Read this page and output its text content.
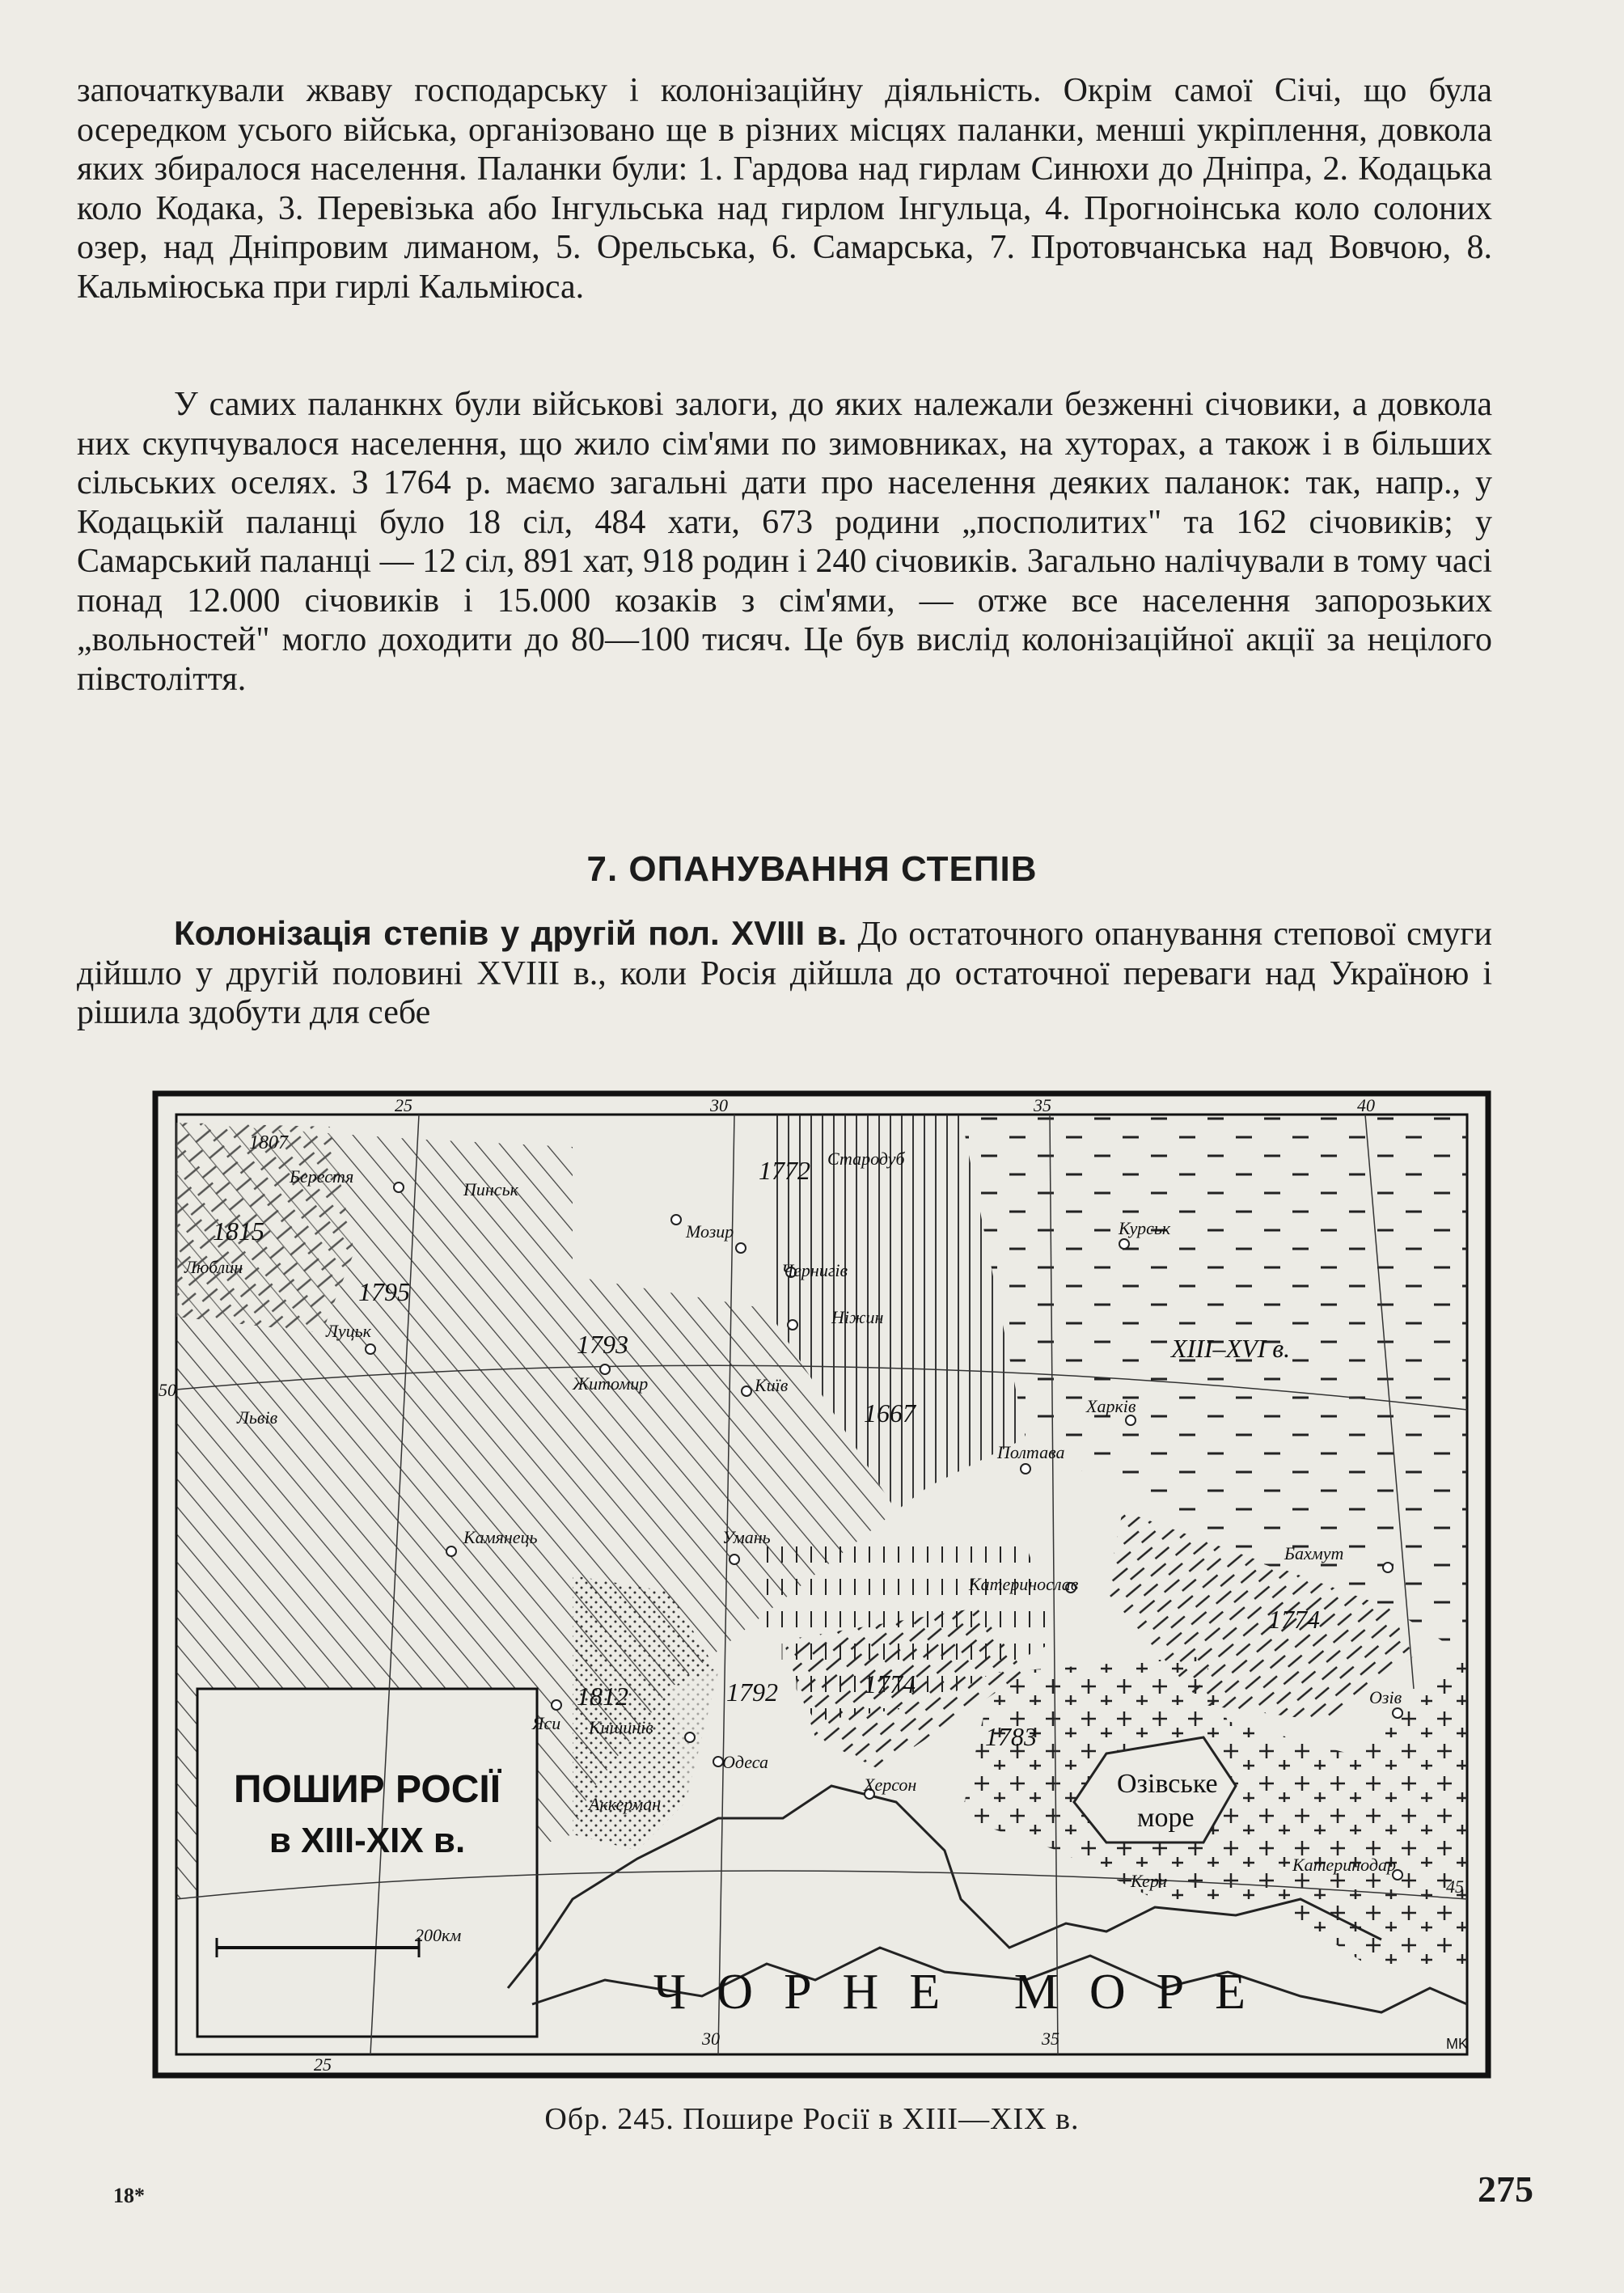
започаткували жваву господарську і колонізаційну діяльність. Окрім самої Січі, що була осередком усього війська, організовано ще в різних місцях паланки, менші укріплення, довкола яких збиралося населення. Паланки були: 1. Гардова над гирлам Синюхи до Дніпра, 2. Кодацька коло Кодака, 3. Перевізька або Інгульська над гирлом Інгульца, 4. Прогноінська коло солоних озер, над Дніпровим лиманом, 5. Орельська, 6. Самарська, 7. Протовчанська над Вовчою, 8. Кальміюська при гирлі Кальміюса.
У самих паланкнх були військові залоги, до яких належали безженні січовики, а довкола них скупчувалося населення, що жило сім'ями по зимовниках, на хуторах, а також і в більших сільських оселях. З 1764 р. маємо загальні дати про населення деяких паланок: так, напр., у Кодацькій паланці було 18 сіл, 484 хати, 673 родини „посполитих" та 162 січовиків; у Самарський паланці — 12 сіл, 891 хат, 918 родин і 240 січовиків. Загально налічували в тому часі понад 12.000 січовиків і 15.000 козаків з сім'ями, — отже все населення запорозьких „вольностей" могло доходити до 80—100 тисяч. Це був вислід колонізаційної акції за нецілого півстоліття.
7. ОПАНУВАННЯ СТЕПІВ
Колонізація степів у другій пол. XVIII в. До остаточного опанування степової смуги дійшло у другій половині XVIII в., коли Росія дійшла до остаточної переваги над Україною і рішила здобути для себе
25	30	35	40
25
30	35
50
45
1807
1815
1795
1793
1772
1667
XIII–XVI в.
1774
1812	1792	1774
1783
Берестя
Пинськ
Мозир
Стародуб
Курськ
Чернигів
Ніжин
Люблин
Луцьк
Житомир	Київ
Харків
Львів
Полтава
Камянець	Умань
Бахмут
Катеринослав
Яси Кишинів
Одеса
Херсон
Озів
Аккерман
Катеринодар
Керч
Озівське
море
ЧОРНЕ МОРЕ
ПОШИР РОСІЇ
в XIII-XIX в.
200км
MK
Обр. 245. Поширe Росії в XIII—XIX в.
275
18*
